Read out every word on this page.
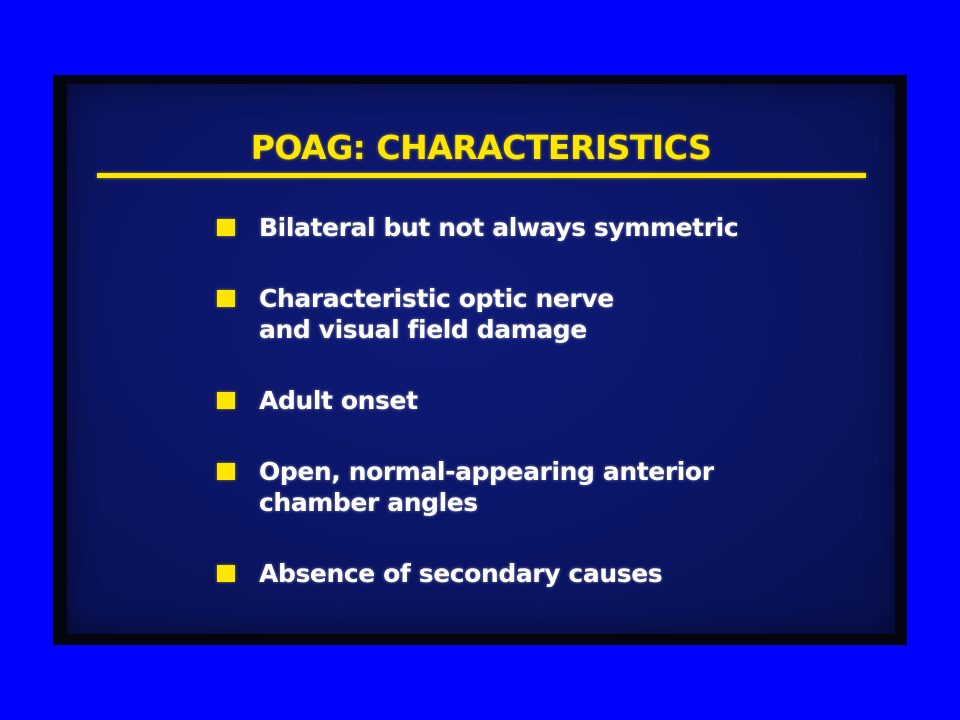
POAG: CHARACTERISTICS
Bilateral but not always symmetric
Characteristic optic nerve
and visual field damage
Adult onset
Open, normal-appearing anterior
chamber angles
Absence of secondary causes
